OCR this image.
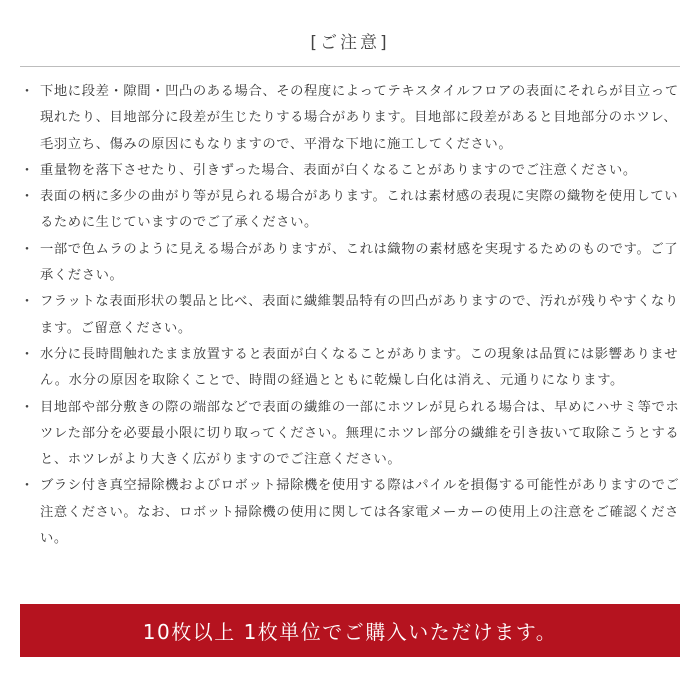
[ご注意]
・ 下地に段差・隙間・凹凸のある場合、その程度によってテキスタイルフロアの表面にそれらが目立って現れたり、目地部分に段差が生じたりする場合があります。目地部に段差があると目地部分のホツレ、毛羽立ち、傷みの原因にもなりますので、平滑な下地に施工してください。
・ 重量物を落下させたり、引きずった場合、表面が白くなることがありますのでご注意ください。
・ 表面の柄に多少の曲がり等が見られる場合があります。これは素材感の表現に実際の織物を使用しているために生じていますのでご了承ください。
・ 一部で色ムラのように見える場合がありますが、これは織物の素材感を実現するためのものです。ご了承ください。
・ フラットな表面形状の製品と比べ、表面に繊維製品特有の凹凸がありますので、汚れが残りやすくなります。ご留意ください。
・ 水分に長時間触れたまま放置すると表面が白くなることがあります。この現象は品質には影響ありません。水分の原因を取除くことで、時間の経過とともに乾燥し白化は消え、元通りになります。
・ 目地部や部分敷きの際の端部などで表面の繊維の一部にホツレが見られる場合は、早めにハサミ等でホツレた部分を必要最小限に切り取ってください。無理にホツレ部分の繊維を引き抜いて取除こうとすると、ホツレがより大きく広がりますのでご注意ください。
・ ブラシ付き真空掃除機およびロボット掃除機を使用する際はパイルを損傷する可能性がありますのでご注意ください。なお、ロボット掃除機の使用に関しては各家電メーカーの使用上の注意をご確認ください。
10枚以上 1枚単位でご購入いただけます。
